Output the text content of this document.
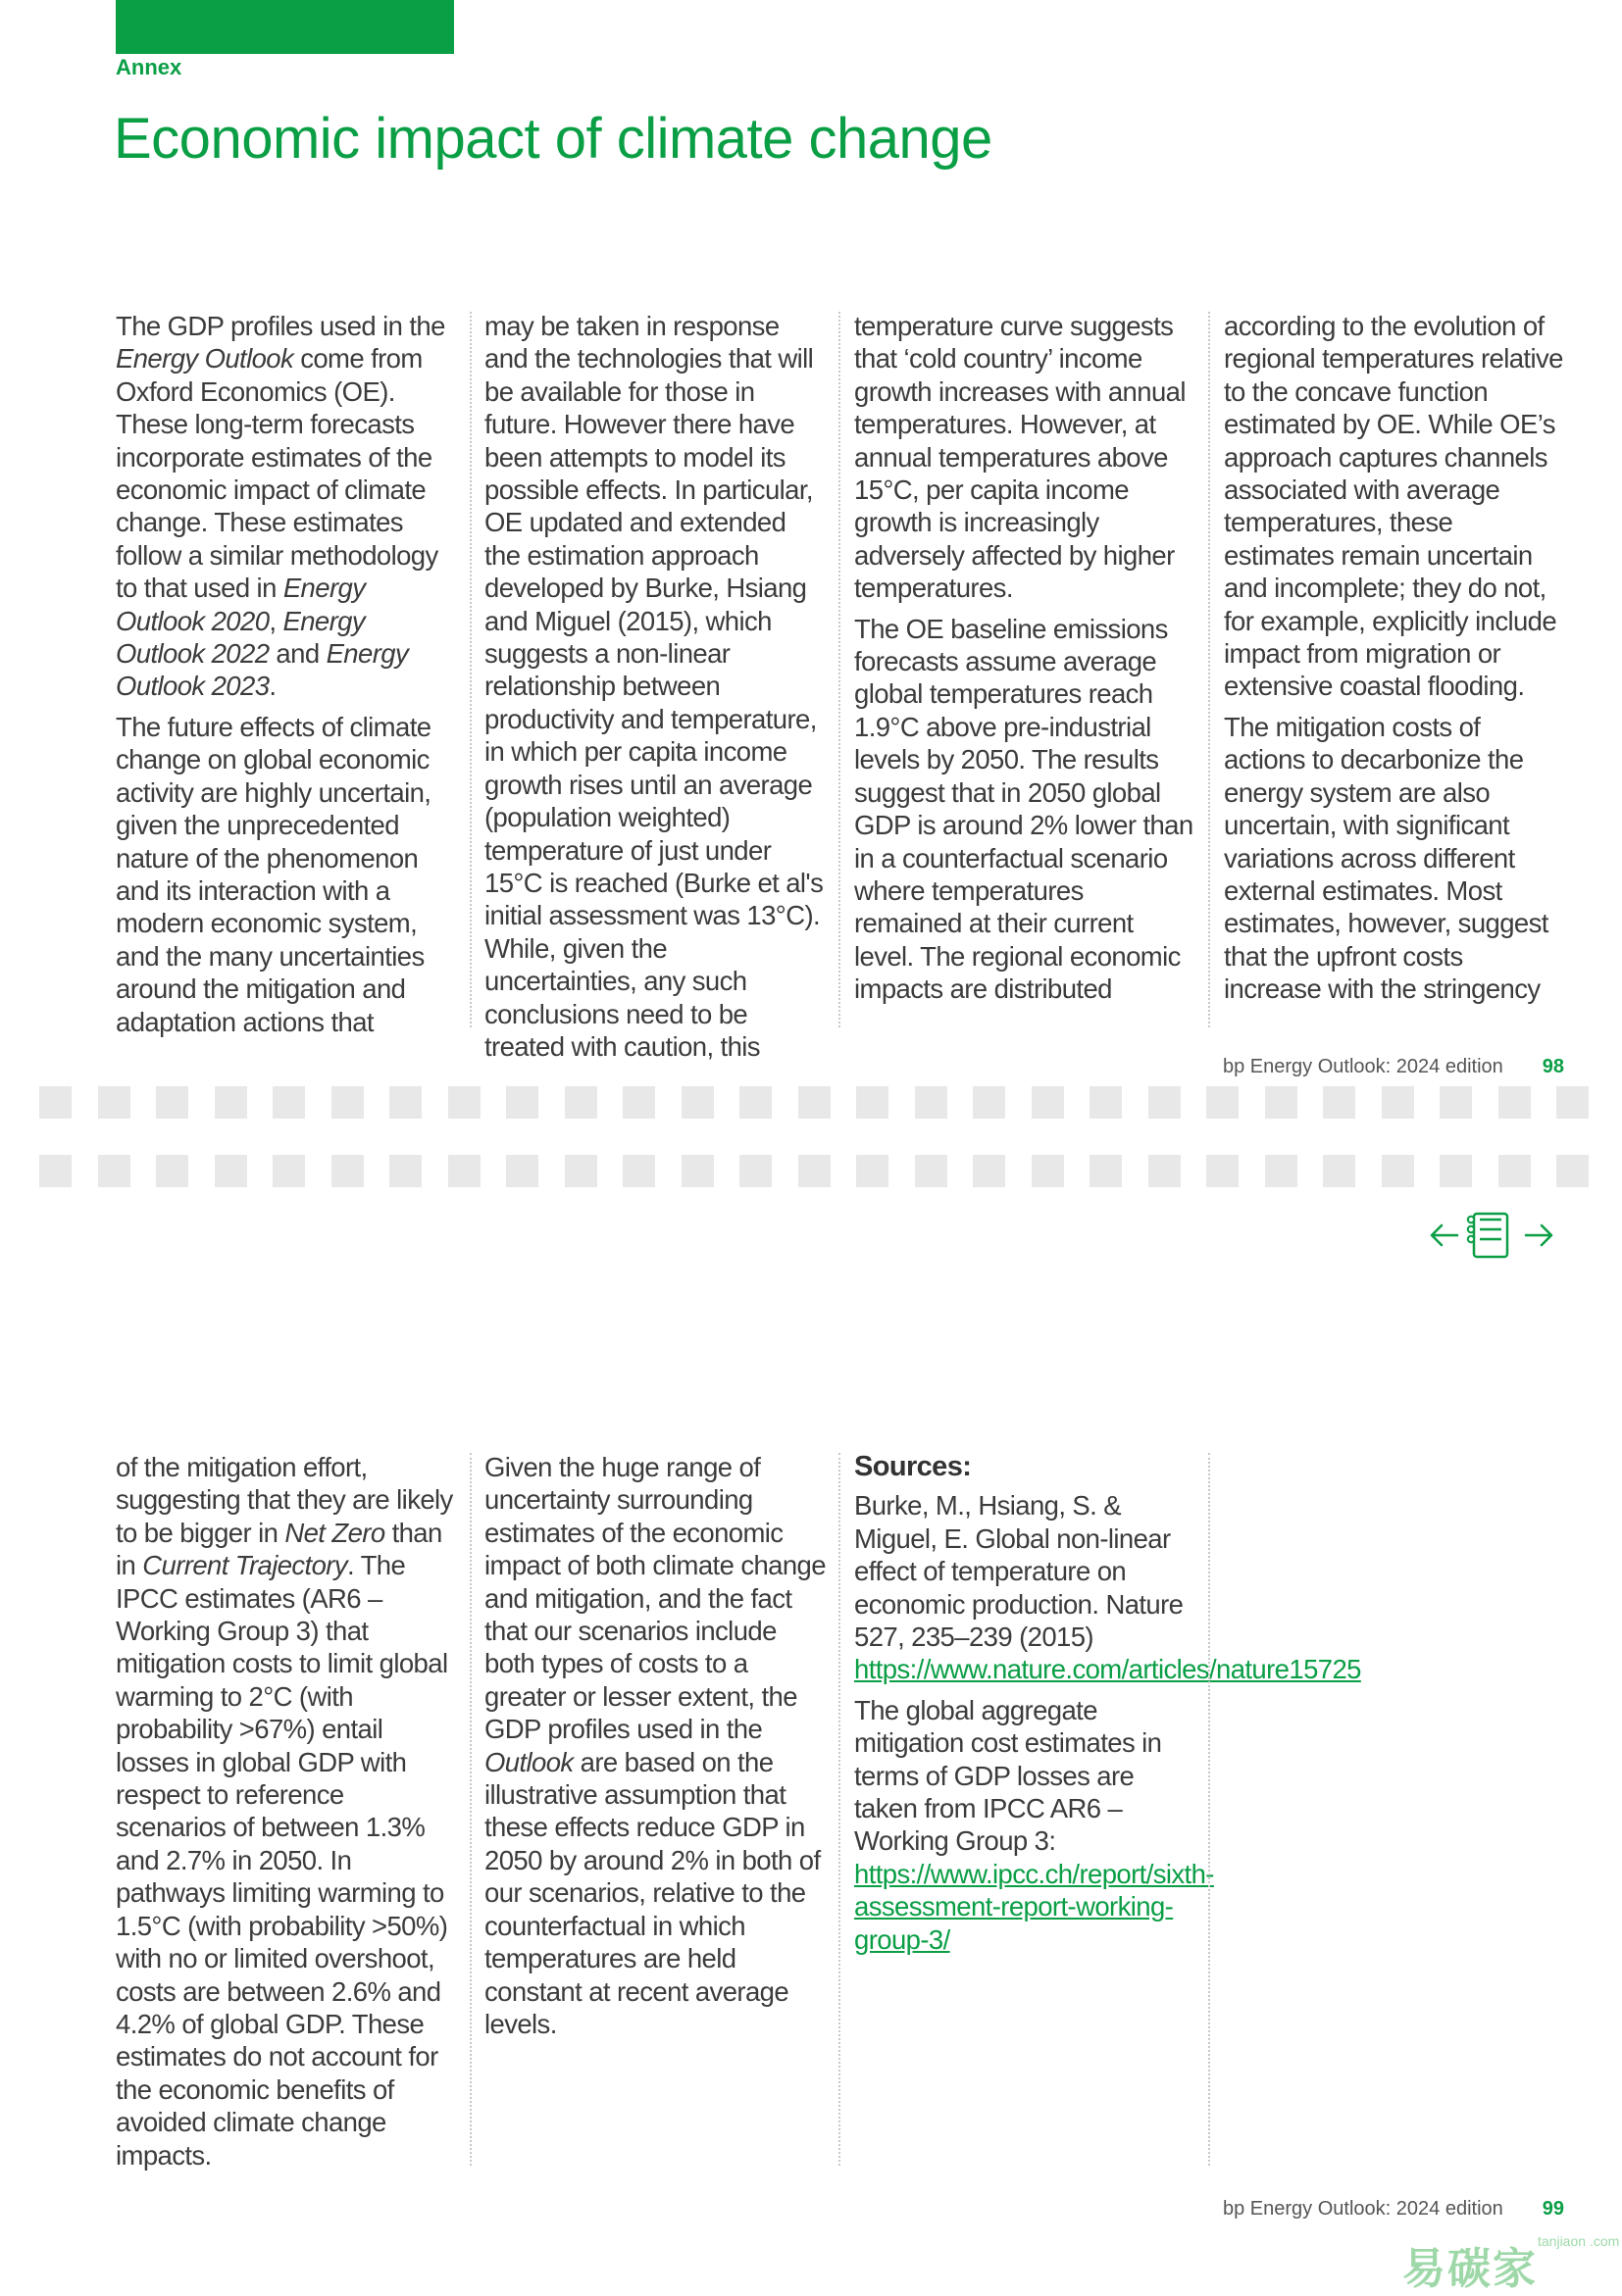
Annex
Economic impact of climate change

The GDP profiles used in the Energy Outlook come from Oxford Economics (OE). These long-term forecasts incorporate estimates of the economic impact of climate change. These estimates follow a similar methodology to that used in Energy Outlook 2020, Energy Outlook 2022 and Energy Outlook 2023.

The future effects of climate change on global economic activity are highly uncertain, given the unprecedented nature of the phenomenon and its interaction with a modern economic system, and the many uncertainties around the mitigation and adaptation actions that

may be taken in response and the technologies that will be available for those in future. However there have been attempts to model its possible effects. In particular, OE updated and extended the estimation approach developed by Burke, Hsiang and Miguel (2015), which suggests a non-linear relationship between productivity and temperature, in which per capita income growth rises until an average (population weighted) temperature of just under 15°C is reached (Burke et al's initial assessment was 13°C). While, given the uncertainties, any such conclusions need to be treated with caution, this

temperature curve suggests that ‘cold country’ income growth increases with annual temperatures. However, at annual temperatures above 15°C, per capita income growth is increasingly adversely affected by higher temperatures.

The OE baseline emissions forecasts assume average global temperatures reach 1.9°C above pre-industrial levels by 2050. The results suggest that in 2050 global GDP is around 2% lower than in a counterfactual scenario where temperatures remained at their current level. The regional economic impacts are distributed

according to the evolution of regional temperatures relative to the concave function estimated by OE. While OE’s approach captures channels associated with average temperatures, these estimates remain uncertain and incomplete; they do not, for example, explicitly include impact from migration or extensive coastal flooding.

The mitigation costs of actions to decarbonize the energy system are also uncertain, with significant variations across different external estimates. Most estimates, however, suggest that the upfront costs increase with the stringency

bp Energy Outlook: 2024 edition 98

of the mitigation effort, suggesting that they are likely to be bigger in Net Zero than in Current Trajectory. The IPCC estimates (AR6 – Working Group 3) that mitigation costs to limit global warming to 2°C (with probability >67%) entail losses in global GDP with respect to reference scenarios of between 1.3% and 2.7% in 2050. In pathways limiting warming to 1.5°C (with probability >50%) with no or limited overshoot, costs are between 2.6% and 4.2% of global GDP. These estimates do not account for the economic benefits of avoided climate change impacts.

Given the huge range of uncertainty surrounding estimates of the economic impact of both climate change and mitigation, and the fact that our scenarios include both types of costs to a greater or lesser extent, the GDP profiles used in the Outlook are based on the illustrative assumption that these effects reduce GDP in 2050 by around 2% in both of our scenarios, relative to the counterfactual in which temperatures are held constant at recent average levels.

Sources:

Burke, M., Hsiang, S. & Miguel, E. Global non-linear effect of temperature on economic production. Nature 527, 235–239 (2015) https://www.nature.com/articles/nature15725

The global aggregate mitigation cost estimates in terms of GDP losses are taken from IPCC AR6 – Working Group 3: https://www.ipcc.ch/report/sixth-assessment-report-working-group-3/

bp Energy Outlook: 2024 edition 99
易碳家$^{tanjiaon .com}$
